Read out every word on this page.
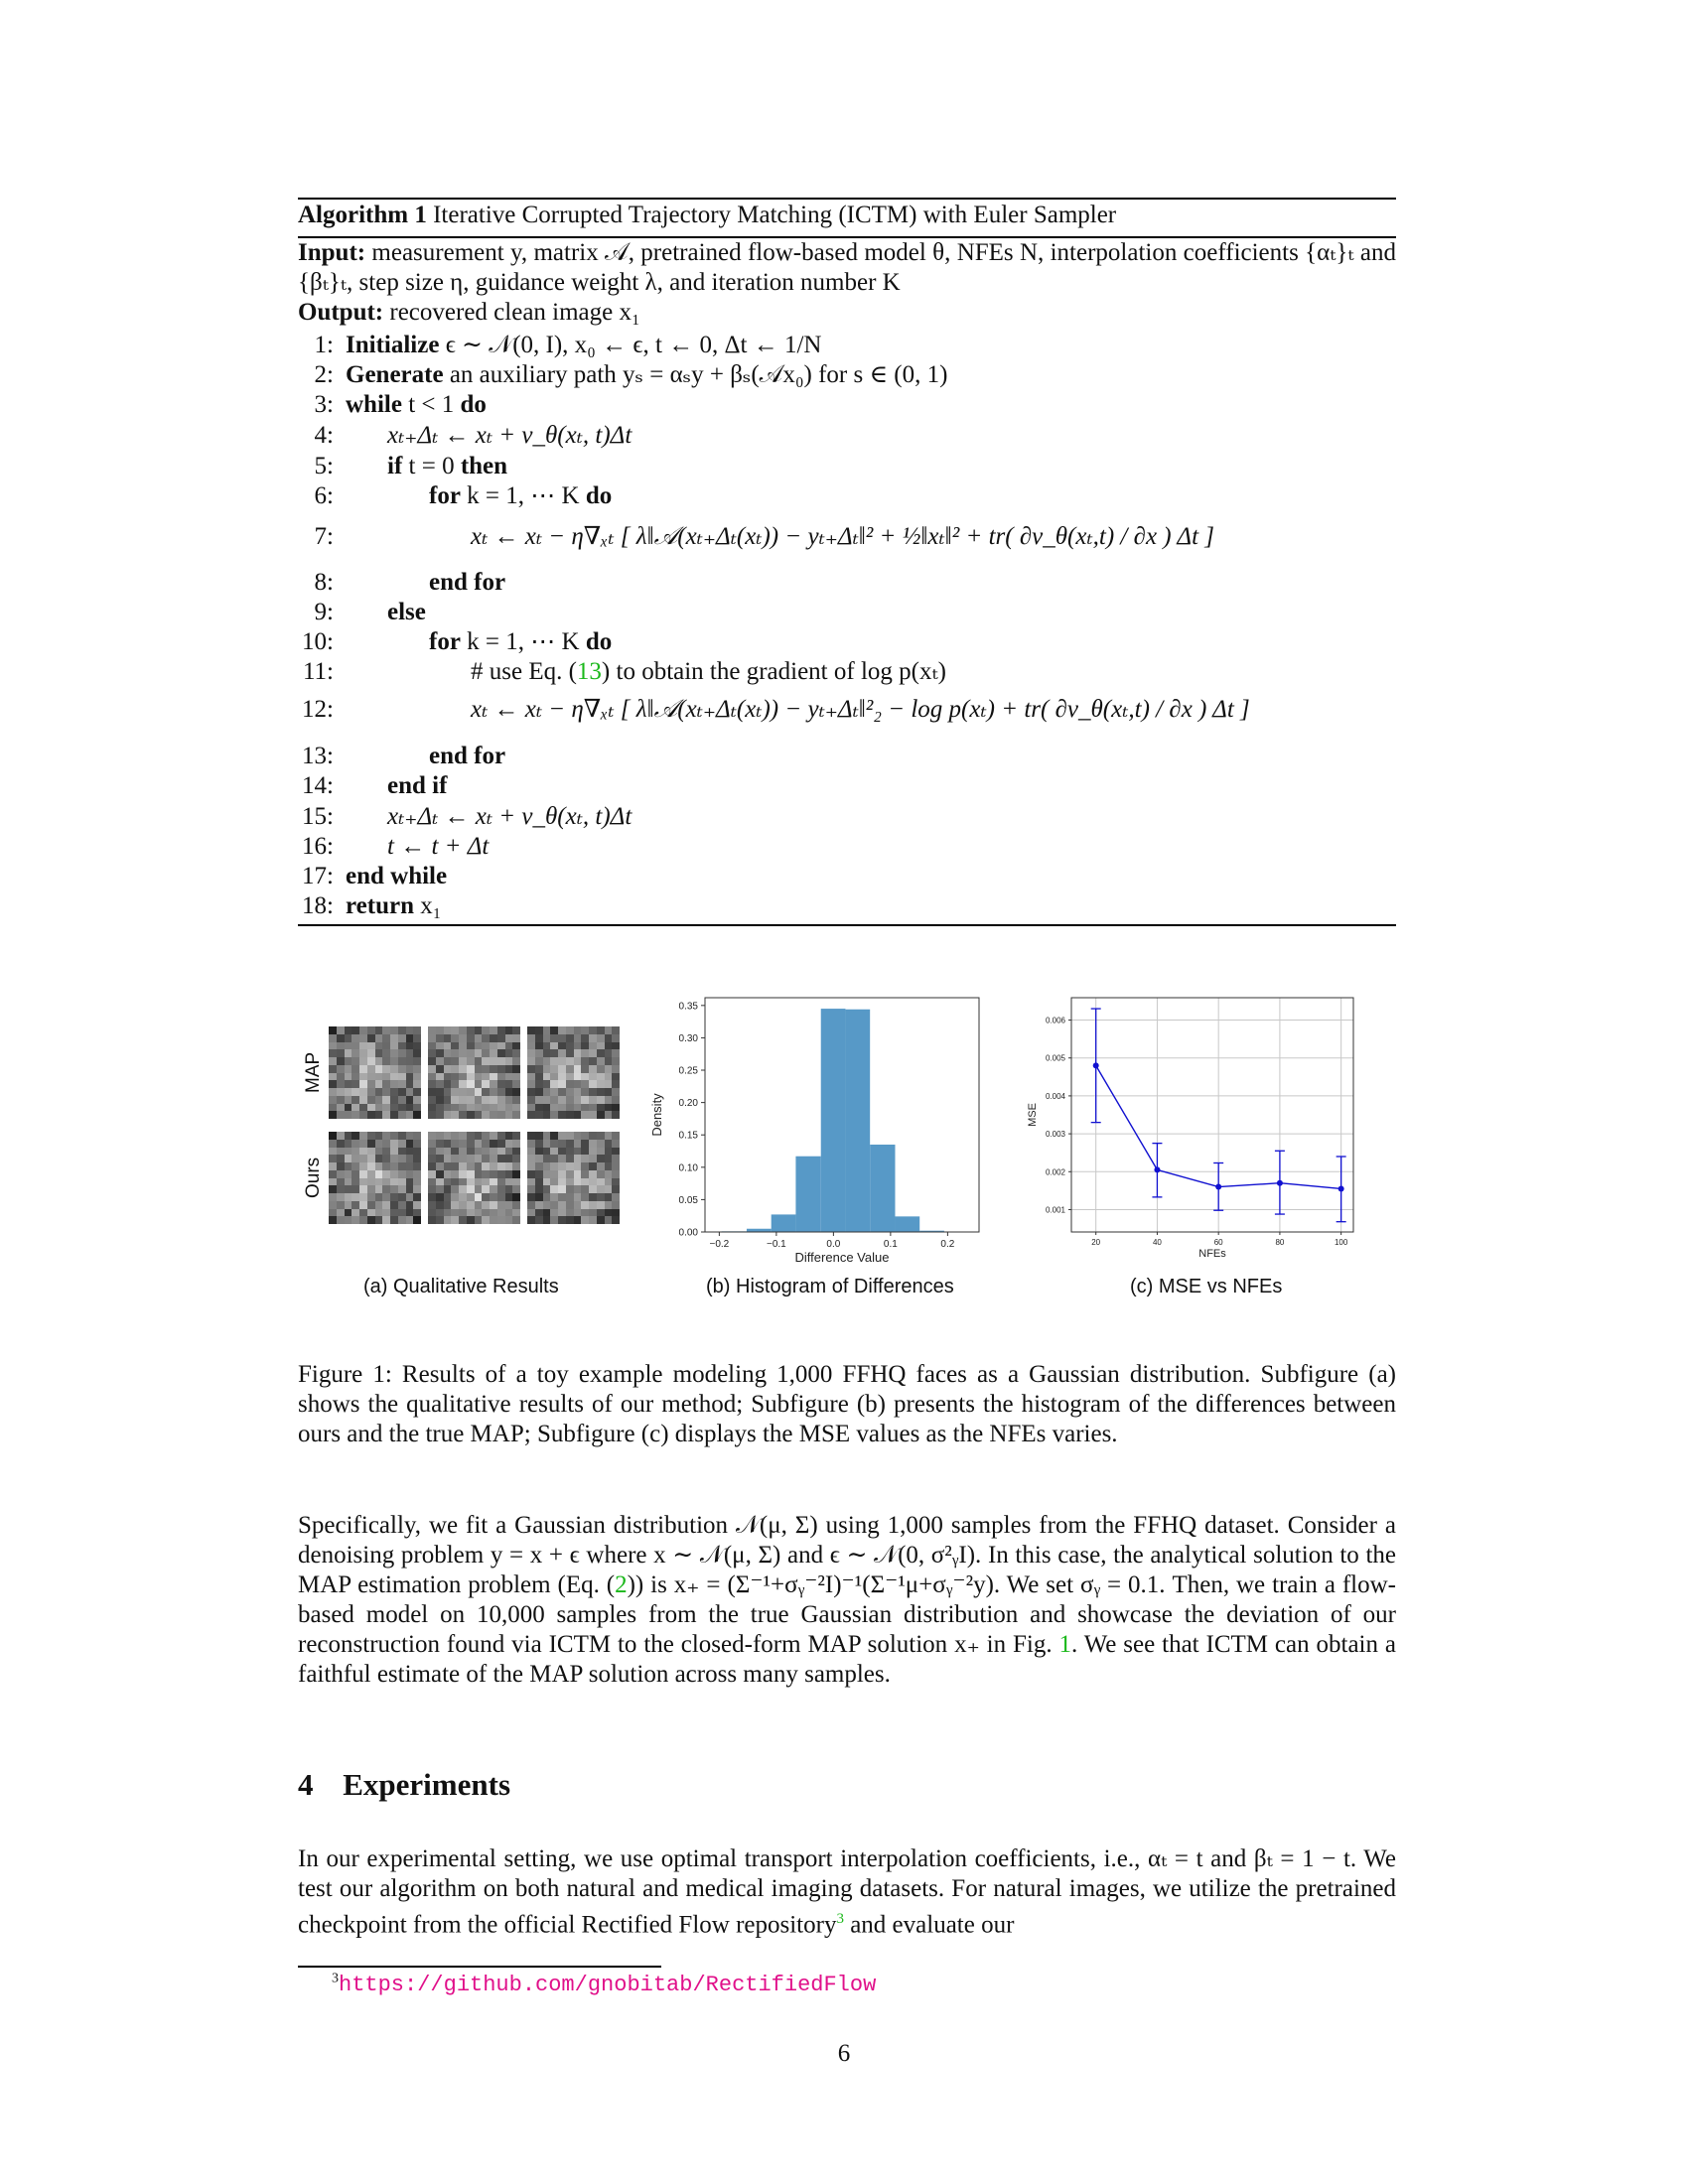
Algorithm 1 Iterative Corrupted Trajectory Matching (ICTM) with Euler Sampler
Input: measurement y, matrix 𝒜, pretrained flow-based model θ, NFEs N, interpolation coefficients {αₜ}ₜ and {βₜ}ₜ, step size η, guidance weight λ, and iteration number K
Output: recovered clean image x₁
1: Initialize ϵ ∼ 𝒩(0, I), x₀ ← ϵ, t ← 0, Δt ← 1/N
2: Generate an auxiliary path yₛ = αₛy + βₛ(𝒜x₀) for s ∈ (0, 1)
3: while t < 1 do
4: xₜ₊Δₜ ← xₜ + v_θ(xₜ, t)Δt
5: if t = 0 then
6:	for k = 1, ⋯ K do
7:	xₜ ← xₜ − η∇ₓₜ [ λ‖𝒜(xₜ₊Δₜ(xₜ)) − yₜ₊Δₜ‖² + ½‖xₜ‖² + tr( ∂v_θ(xₜ,t) / ∂x ) Δt ]
8:	end for
9: else
10:	for k = 1, ⋯ K do
11:	# use Eq. (13) to obtain the gradient of log p(xₜ)
12:	xₜ ← xₜ − η∇ₓₜ [ λ‖𝒜(xₜ₊Δₜ(xₜ)) − yₜ₊Δₜ‖²₂ − log p(xₜ) + tr( ∂v_θ(xₜ,t) / ∂x ) Δt ]
13:	end for
14: end if
15: xₜ₊Δₜ ← xₜ + v_θ(xₜ, t)Δt
16: t ← t + Δt
17: end while
18: return x₁
MAP
Ours
(a) Qualitative Results
−0.2	−0.1	0.0	0.1	0.2
0.00
0.05
0.10
0.15
0.20
0.25
0.30
0.35
Difference Value
Density
(b) Histogram of Differences
20	40	60	80	100
0.001
0.002
0.003
0.004
0.005
0.006
NFEs
MSE
(c) MSE vs NFEs
Figure 1: Results of a toy example modeling 1,000 FFHQ faces as a Gaussian distribution. Subfigure (a) shows the qualitative results of our method; Subfigure (b) presents the histogram of the differences between ours and the true MAP; Subfigure (c) displays the MSE values as the NFEs varies.
Specifically, we fit a Gaussian distribution 𝒩(μ, Σ) using 1,000 samples from the FFHQ dataset. Consider a denoising problem y = x + ϵ where x ∼ 𝒩(μ, Σ) and ϵ ∼ 𝒩(0, σ²ᵧI). In this case, the analytical solution to the MAP estimation problem (Eq. (2)) is x₊ = (Σ⁻¹+σᵧ⁻²I)⁻¹(Σ⁻¹μ+σᵧ⁻²y). We set σᵧ = 0.1. Then, we train a flow-based model on 10,000 samples from the true Gaussian distribution and showcase the deviation of our reconstruction found via ICTM to the closed-form MAP solution x₊ in Fig. 1. We see that ICTM can obtain a faithful estimate of the MAP solution across many samples.
4 Experiments
In our experimental setting, we use optimal transport interpolation coefficients, i.e., αₜ = t and βₜ = 1 − t. We test our algorithm on both natural and medical imaging datasets. For natural images, we utilize the pretrained checkpoint from the official Rectified Flow repository$^3$ and evaluate our
$^3$https://github.com/gnobitab/RectifiedFlow
6
